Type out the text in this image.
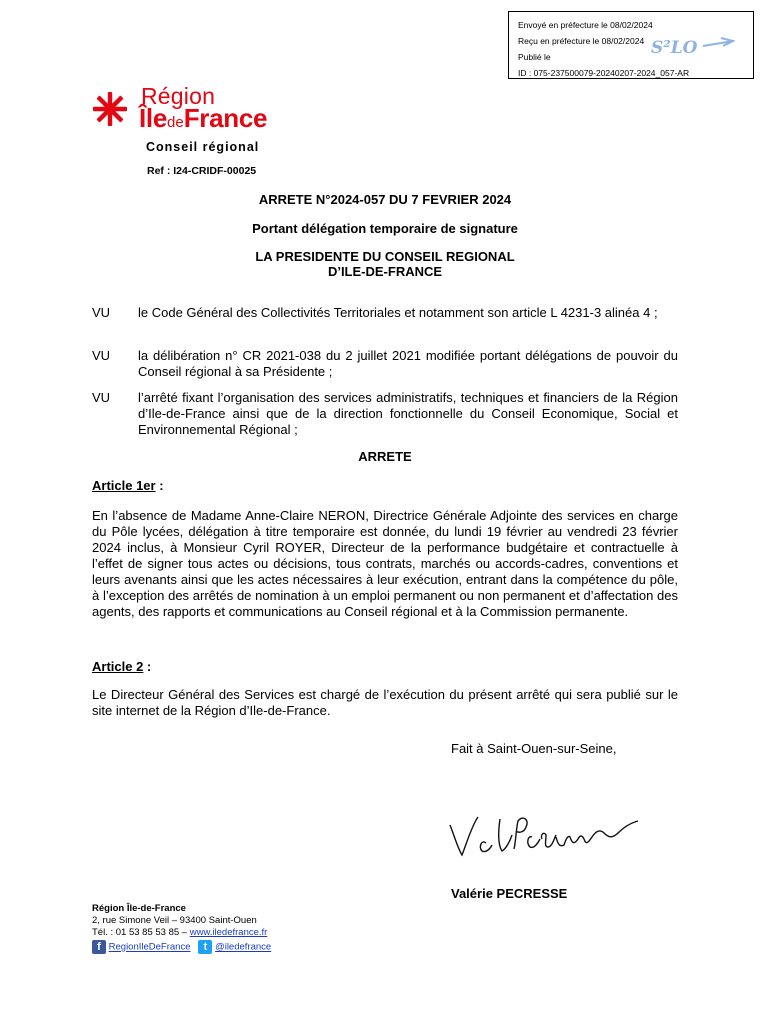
Envoyé en préfecture le 08/02/2024
Reçu en préfecture le 08/02/2024
Publié le
ID : 075-237500079-20240207-2024_057-AR
S²LO
Région
ÎledeFrance
Conseil régional
Ref : I24-CRIDF-00025
ARRETE N°2024-057 DU 7 FEVRIER 2024
Portant délégation temporaire de signature
LA PRESIDENTE DU CONSEIL REGIONAL
D’ILE-DE-FRANCE
VU le Code Général des Collectivités Territoriales et notamment son article L 4231-3 alinéa 4 ;
VU la délibération n° CR 2021-038 du 2 juillet 2021 modifiée portant délégations de pouvoir du Conseil régional à sa Présidente ;
VU l’arrêté fixant l’organisation des services administratifs, techniques et financiers de la Région d’Ile-de-France ainsi que de la direction fonctionnelle du Conseil Economique, Social et Environnemental Régional ;
ARRETE
Article 1er :
En l’absence de Madame Anne-Claire NERON, Directrice Générale Adjointe des services en charge du Pôle lycées, délégation à titre temporaire est donnée, du lundi 19 février au vendredi 23 février 2024 inclus, à Monsieur Cyril ROYER, Directeur de la performance budgétaire et contractuelle à l’effet de signer tous actes ou décisions, tous contrats, marchés ou accords-cadres, conventions et leurs avenants ainsi que les actes nécessaires à leur exécution, entrant dans la compétence du pôle, à l’exception des arrêtés de nomination à un emploi permanent ou non permanent et d’affectation des agents, des rapports et communications au Conseil régional et à la Commission permanente.
Article 2 :
Le Directeur Général des Services est chargé de l’exécution du présent arrêté qui sera publié sur le site internet de la Région d’Ile-de-France.
Fait à Saint-Ouen-sur-Seine,
Valérie PECRESSE
Région Île-de-France
2, rue Simone Veil – 93400 Saint-Ouen
Tél. : 01 53 85 53 85 – www.iledefrance.fr
f RegionIleDeFrance t @iledefrance
